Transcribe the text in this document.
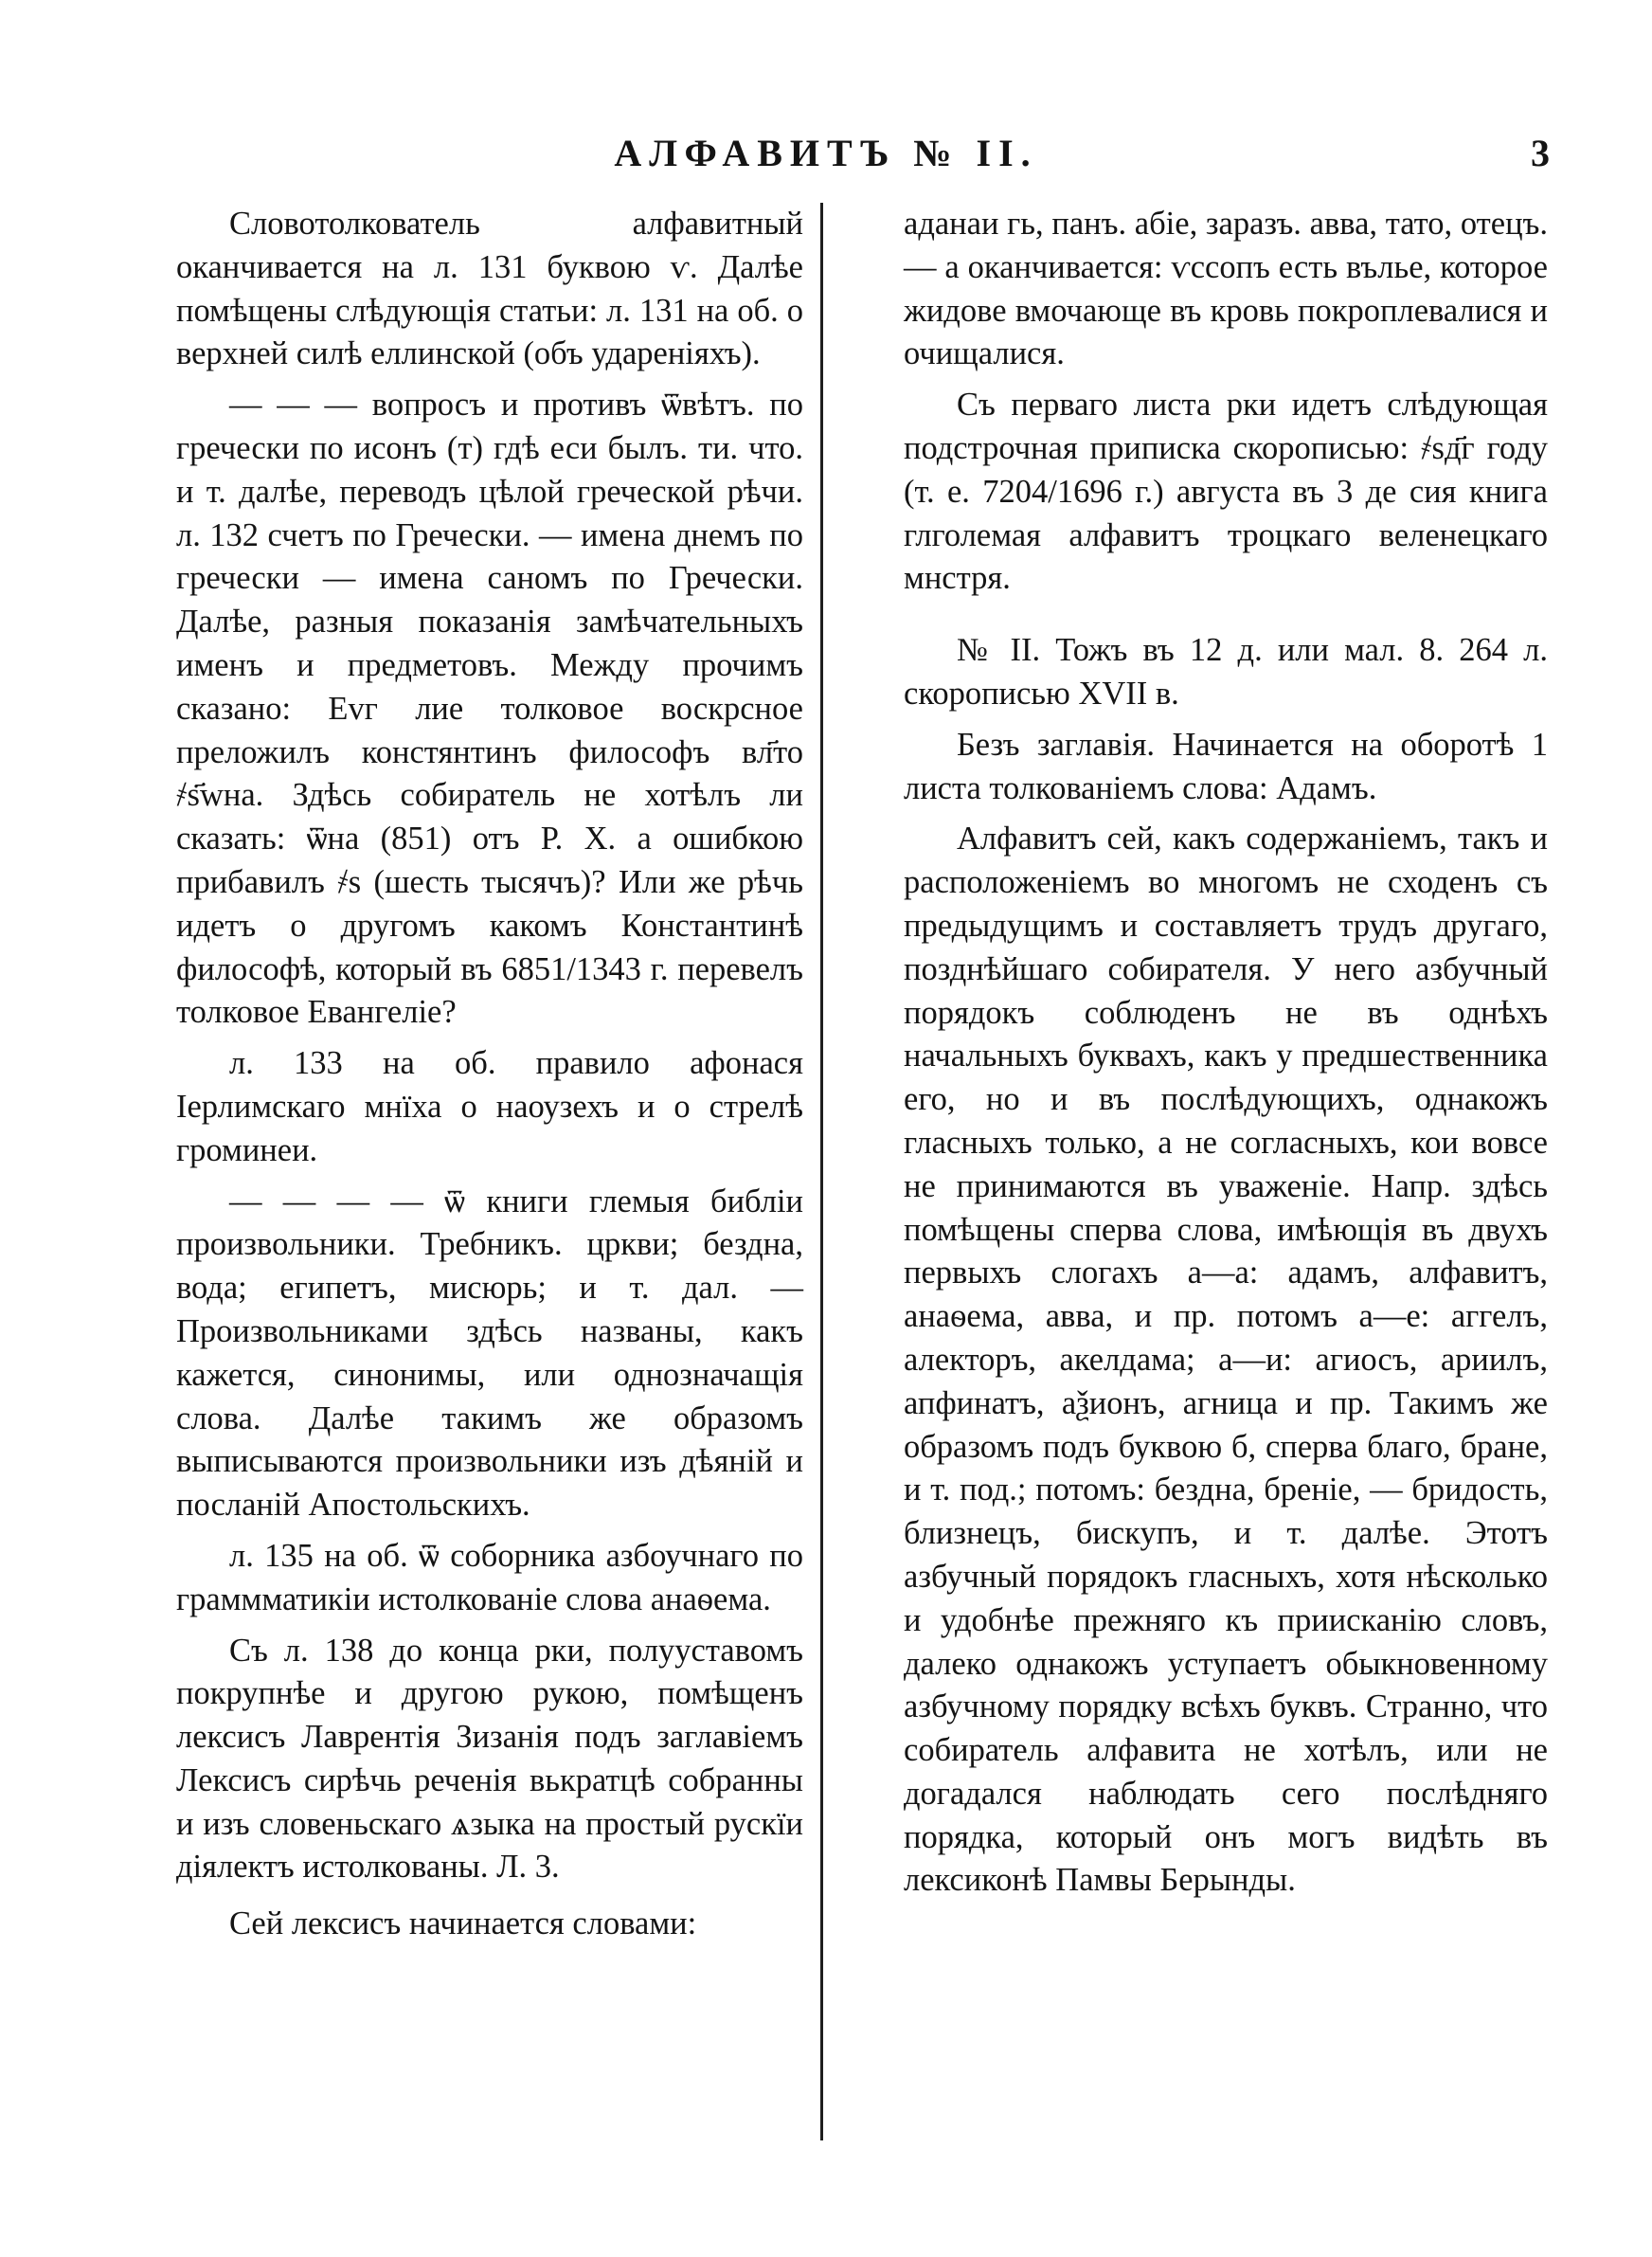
АЛФАВИТЪ № II.	3

Словотолкователь алфавитный оканчивается на л. 131 буквою ѵ. Далѣе помѣщены слѣдующія статьи: л. 131 на об. о верхней силѣ еллинской (объ удареніяхъ).

— — — вопросъ и противъ ѿвѣтъ. по гречески по исонъ (т) гдѣ еси былъ. ти. что. и т. далѣе, переводъ цѣлой греческой рѣчи. л. 132 счетъ по Гречески. — имена днемъ по гречески — имена саномъ по Гречески. Далѣе, разныя показанія замѣчательныхъ именъ и предметовъ. Между прочимъ сказано: Еvг лие толковое воскрсное преложилъ констянтинъ философъ вл҃то ҂s҃wна. Здѣсь собиратель не хотѣлъ ли сказать: ѿна (851) отъ Р. Х. а ошибкою прибавилъ ҂s (шесть тысячъ)? Или же рѣчь идетъ о другомъ какомъ Константинѣ философѣ, который въ 6851/1343 г. перевелъ толковое Евангеліе?

л. 133 на об. правило афонася Іерлимскаго мнїха о наоузехъ и о стрелѣ громинеи.

— — — — ѿ книги глемыя библіи произвольники. Требникъ. цркви; безднa, вода; египетъ, мисюрь; и т. дал. — Произвольниками здѣсь названы, какъ кажется, синонимы, или однозначащія слова. Далѣе такимъ же образомъ выписываются произвольники изъ дѣяній и посланій Апостольскихъ.

л. 135 на об. ѿ соборника азбоучнаго по граммматикіи истолкованіе слова анаѳема.

Съ л. 138 до конца рки, полууставомъ покрупнѣе и другою рукою, помѣщенъ лексисъ Лаврентія Зизанія подъ заглавіемъ Лексисъ сирѣчь реченія вькратцѣ собранны и изъ словеньскаго ѧзыка на простый рускїи діялектъ истолкованы. Л. 3.

Сей лексисъ начинается словами:

аданаи гь, панъ. абіе, заразъ. авва, тато, отецъ. — а оканчивается: ѵссопъ есть вълье, которое жидове вмочающе въ кровь покроплевалися и очищалися.

Съ перваго листа рки идетъ слѣдующая подстрочная приписка скорописью: ҂ѕд҃г году (т. е. 7204/1696 г.) августа въ 3 де сия книга глголемая алфавитъ троцкаго веленецкаго мнстря.

№ II. Тожъ въ 12 д. или мал. 8. 264 л. скорописью XVII в.

Безъ заглавія. Начинается на оборотѣ 1 листа толкованіемъ слова: Адамъ.

Алфавитъ сей, какъ содержаніемъ, такъ и расположеніемъ во многомъ не сходенъ съ предыдущимъ и составляетъ трудъ другаго, позднѣйшаго собирателя. У него азбучный порядокъ соблюденъ не въ однѣхъ начальныхъ буквахъ, какъ у предшественника его, но и въ послѣдующихъ, однакожъ гласныхъ только, а не согласныхъ, кои вовсе не принимаются въ уваженіе. Напр. здѣсь помѣщены сперва слова, имѣющія въ двухъ первыхъ слогахъ а—а: адамъ, алфавитъ, анаѳема, авва, и пр. потомъ а—е: аггелъ, алекторъ, акелдама; а—и: агиосъ, ариилъ, апфинатъ, аѯионъ, агница и пр. Такимъ же образомъ подъ буквою б, сперва благо, бране, и т. под.; потомъ: бездна, бреніе, — бридость, близнецъ, бискупъ, и т. далѣе. Этотъ азбучный порядокъ гласныхъ, хотя нѣсколько и удобнѣе прежняго къ приисканію словъ, далеко однакожъ уступаетъ обыкновенному азбучному порядку всѣхъ буквъ. Странно, что собиратель алфавита не хотѣлъ, или не догадался наблюдать сего послѣдняго порядка, который онъ могъ видѣть въ лексиконѣ Памвы Берынды.
